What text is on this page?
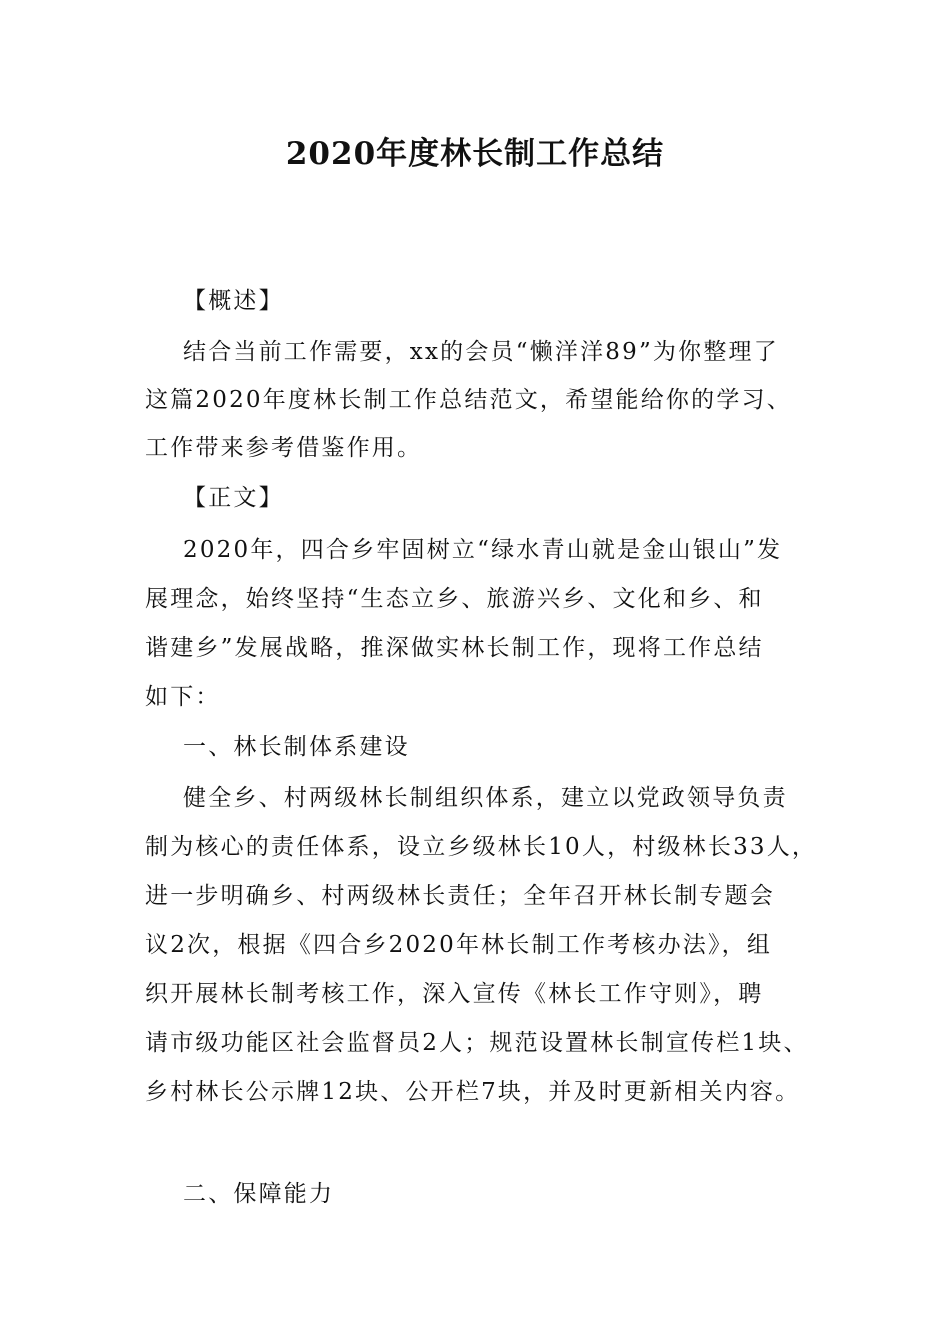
2020年度林长制工作总结
【概述】
结合当前工作需要，xx的会员“懒洋洋89”为你整理了
这篇2020年度林长制工作总结范文，希望能给你的学习、
工作带来参考借鉴作用。
【正文】
2020年，四合乡牢固树立“绿水青山就是金山银山”发
展理念，始终坚持“生态立乡、旅游兴乡、文化和乡、和
谐建乡”发展战略，推深做实林长制工作，现将工作总结
如下：
一、林长制体系建设
健全乡、村两级林长制组织体系，建立以党政领导负责
制为核心的责任体系，设立乡级林长10人，村级林长33人，
进一步明确乡、村两级林长责任；全年召开林长制专题会
议2次，根据《四合乡2020年林长制工作考核办法》，组
织开展林长制考核工作，深入宣传《林长工作守则》，聘
请市级功能区社会监督员2人；规范设置林长制宣传栏1块、
乡村林长公示牌12块、公开栏7块，并及时更新相关内容。
二、保障能力
